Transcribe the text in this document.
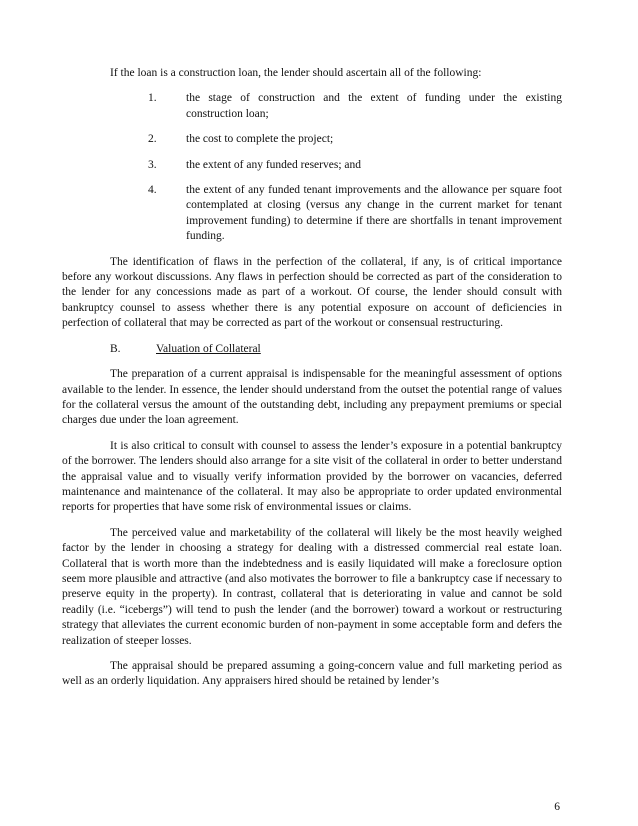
If the loan is a construction loan, the lender should ascertain all of the following:

1.	the stage of construction and the extent of funding under the existing construction loan;
2.	the cost to complete the project;
3.	the extent of any funded reserves; and
4.	the extent of any funded tenant improvements and the allowance per square foot contemplated at closing (versus any change in the current market for tenant improvement funding) to determine if there are shortfalls in tenant improvement funding.

The identification of flaws in the perfection of the collateral, if any, is of critical importance before any workout discussions. Any flaws in perfection should be corrected as part of the consideration to the lender for any concessions made as part of a workout. Of course, the lender should consult with bankruptcy counsel to assess whether there is any potential exposure on account of deficiencies in perfection of collateral that may be corrected as part of the workout or consensual restructuring.

B.	Valuation of Collateral

The preparation of a current appraisal is indispensable for the meaningful assessment of options available to the lender. In essence, the lender should understand from the outset the potential range of values for the collateral versus the amount of the outstanding debt, including any prepayment premiums or special charges due under the loan agreement.

It is also critical to consult with counsel to assess the lender’s exposure in a potential bankruptcy of the borrower. The lenders should also arrange for a site visit of the collateral in order to better understand the appraisal value and to visually verify information provided by the borrower on vacancies, deferred maintenance and maintenance of the collateral. It may also be appropriate to order updated environmental reports for properties that have some risk of environmental issues or claims.

The perceived value and marketability of the collateral will likely be the most heavily weighed factor by the lender in choosing a strategy for dealing with a distressed commercial real estate loan. Collateral that is worth more than the indebtedness and is easily liquidated will make a foreclosure option seem more plausible and attractive (and also motivates the borrower to file a bankruptcy case if necessary to preserve equity in the property). In contrast, collateral that is deteriorating in value and cannot be sold readily (i.e. “icebergs”) will tend to push the lender (and the borrower) toward a workout or restructuring strategy that alleviates the current economic burden of non-payment in some acceptable form and defers the realization of steeper losses.

The appraisal should be prepared assuming a going-concern value and full marketing period as well as an orderly liquidation. Any appraisers hired should be retained by lender’s

6
